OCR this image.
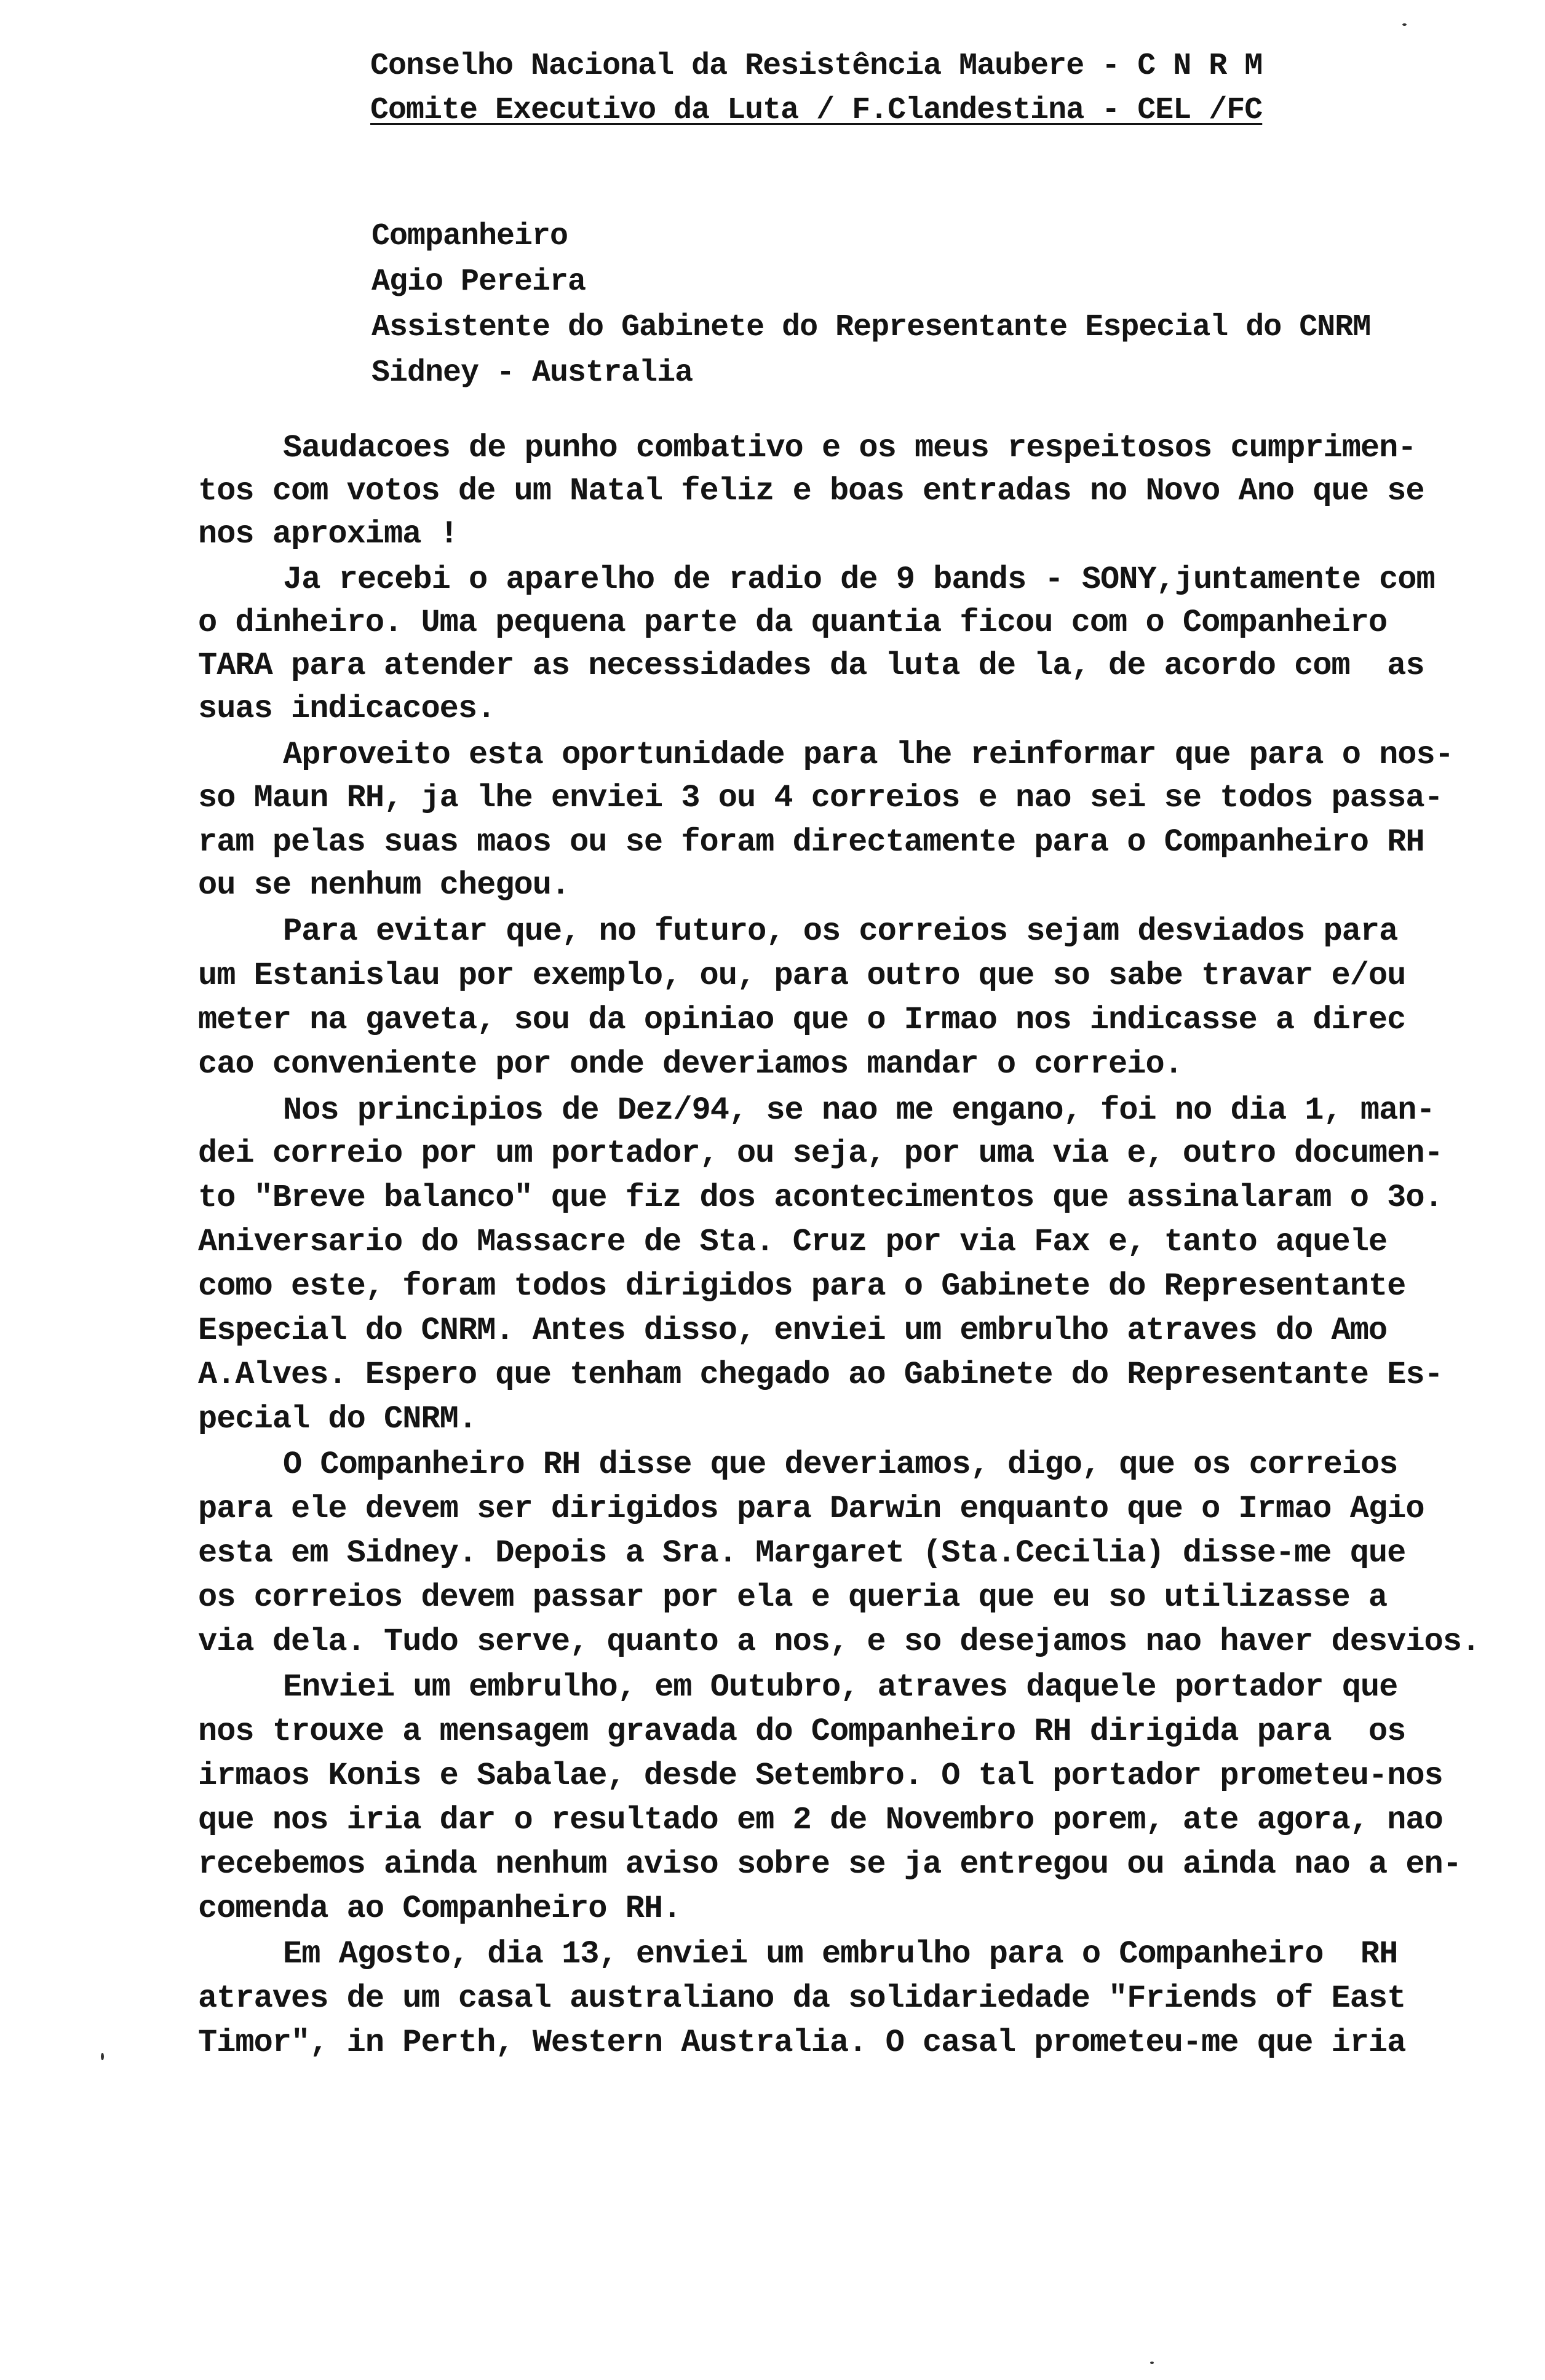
Conselho Nacional da Resistência Maubere - C N R M
Comite Executivo da Luta / F.Clandestina - CEL /FC
Companheiro
Agio Pereira
Assistente do Gabinete do Representante Especial do CNRM
Sidney - Australia
Saudacoes de punho combativo e os meus respeitosos cumprimen-
tos com votos de um Natal feliz e boas entradas no Novo Ano que se
nos aproxima !
Ja recebi o aparelho de radio de 9 bands - SONY,juntamente com
o dinheiro. Uma pequena parte da quantia ficou com o Companheiro
TARA para atender as necessidades da luta de la, de acordo com  as
suas indicacoes.
Aproveito esta oportunidade para lhe reinformar que para o nos-
so Maun RH, ja lhe enviei 3 ou 4 correios e nao sei se todos passa-
ram pelas suas maos ou se foram directamente para o Companheiro RH
ou se nenhum chegou.
Para evitar que, no futuro, os correios sejam desviados para
um Estanislau por exemplo, ou, para outro que so sabe travar e/ou
meter na gaveta, sou da opiniao que o Irmao nos indicasse a direc
cao conveniente por onde deveriamos mandar o correio.
Nos principios de Dez/94, se nao me engano, foi no dia 1, man-
dei correio por um portador, ou seja, por uma via e, outro documen-
to "Breve balanco" que fiz dos acontecimentos que assinalaram o 3o.
Aniversario do Massacre de Sta. Cruz por via Fax e, tanto aquele
como este, foram todos dirigidos para o Gabinete do Representante
Especial do CNRM. Antes disso, enviei um embrulho atraves do Amo
A.Alves. Espero que tenham chegado ao Gabinete do Representante Es-
pecial do CNRM.
O Companheiro RH disse que deveriamos, digo, que os correios
para ele devem ser dirigidos para Darwin enquanto que o Irmao Agio
esta em Sidney. Depois a Sra. Margaret (Sta.Cecilia) disse-me que
os correios devem passar por ela e queria que eu so utilizasse a
via dela. Tudo serve, quanto a nos, e so desejamos nao haver desvios.
Enviei um embrulho, em Outubro, atraves daquele portador que
nos trouxe a mensagem gravada do Companheiro RH dirigida para  os
irmaos Konis e Sabalae, desde Setembro. O tal portador prometeu-nos
que nos iria dar o resultado em 2 de Novembro porem, ate agora, nao
recebemos ainda nenhum aviso sobre se ja entregou ou ainda nao a en-
comenda ao Companheiro RH.
Em Agosto, dia 13, enviei um embrulho para o Companheiro  RH
atraves de um casal australiano da solidariedade "Friends of East
Timor", in Perth, Western Australia. O casal prometeu-me que iria
